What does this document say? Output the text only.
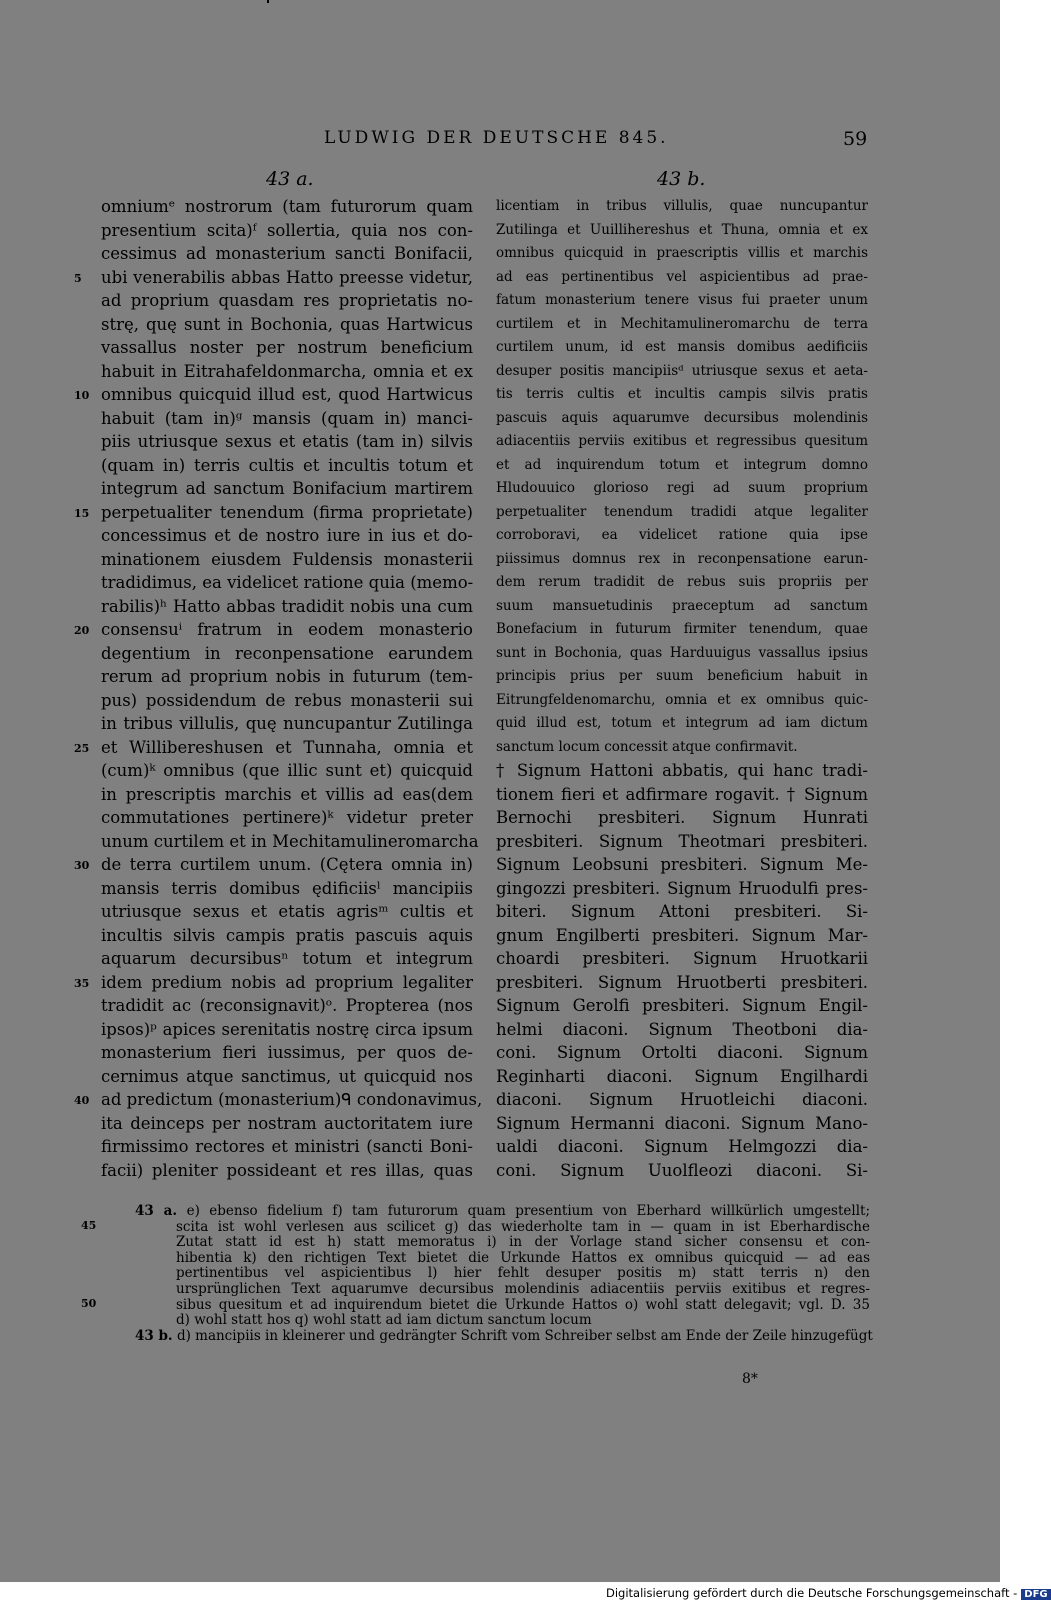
LUDWIG DER DEUTSCHE 845.	59
43 a.	43 b.
omniumᵉ nostrorum (tam futurorum quam
presentium scita)ᶠ sollertia, quia nos con-
cessimus ad monasterium sancti Bonifacii,
ubi venerabilis abbas Hatto preesse videtur,
ad proprium quasdam res proprietatis no-
strę, quę sunt in Bochonia, quas Hartwicus
vassallus noster per nostrum beneficium
habuit in Eitrahafeldonmarcha, omnia et ex
omnibus quicquid illud est, quod Hartwicus
habuit (tam in)ᵍ mansis (quam in) manci-
piis utriusque sexus et etatis (tam in) silvis
(quam in) terris cultis et incultis totum et
integrum ad sanctum Bonifacium martirem
perpetualiter tenendum (firma proprietate)
concessimus et de nostro iure in ius et do-
minationem eiusdem Fuldensis monasterii
tradidimus, ea videlicet ratione quia (memo-
rabilis)ʰ Hatto abbas tradidit nobis una cum
consensuⁱ fratrum in eodem monasterio
degentium in reconpensatione earundem
rerum ad proprium nobis in futurum (tem-
pus) possidendum de rebus monasterii sui
in tribus villulis, quę nuncupantur Zutilinga
et Willibereshusen et Tunnaha, omnia et
(cum)ᵏ omnibus (que illic sunt et) quicquid
in prescriptis marchis et villis ad eas(dem
commutationes pertinere)ᵏ videtur preter
unum curtilem et in Mechitamulineromarcha
de terra curtilem unum. (Cętera omnia in)
mansis terris domibus ędificiisˡ mancipiis
utriusque sexus et etatis agrisᵐ cultis et
incultis silvis campis pratis pascuis aquis
aquarum decursibusⁿ totum et integrum
idem predium nobis ad proprium legaliter
tradidit ac (reconsignavit)ᵒ. Propterea (nos
ipsos)ᵖ apices serenitatis nostrę circa ipsum
monasterium fieri iussimus, per quos de-
cernimus atque sanctimus, ut quicquid nos
ad predictum (monasterium)ᑫ condonavimus,
ita deinceps per nostram auctoritatem iure
firmissimo rectores et ministri (sancti Boni-
facii) pleniter possideant et res illas, quas
licentiam in tribus villulis, quae nuncupantur
Zutilinga et Uuillihereshus et Thuna, omnia et ex
omnibus quicquid in praescriptis villis et marchis
ad eas pertinentibus vel aspicientibus ad prae-
fatum monasterium tenere visus fui praeter unum
curtilem et in Mechitamulineromarchu de terra
curtilem unum, id est mansis domibus aedificiis
desuper positis mancipiisᵈ utriusque sexus et aeta-
tis terris cultis et incultis campis silvis pratis
pascuis aquis aquarumve decursibus molendinis
adiacentiis perviis exitibus et regressibus quesitum
et ad inquirendum totum et integrum domno
Hludouuico glorioso regi ad suum proprium
perpetualiter tenendum tradidi atque legaliter
corroboravi, ea videlicet ratione quia ipse
piissimus domnus rex in reconpensatione earun-
dem rerum tradidit de rebus suis propriis per
suum mansuetudinis praeceptum ad sanctum
Bonefacium in futurum firmiter tenendum, quae
sunt in Bochonia, quas Harduuigus vassallus ipsius
principis prius per suum beneficium habuit in
Eitrungfeldenomarchu, omnia et ex omnibus quic-
quid illud est, totum et integrum ad iam dictum
sanctum locum concessit atque confirmavit.
† Signum Hattoni abbatis, qui hanc tradi-
tionem fieri et adfirmare rogavit. † Signum
Bernochi presbiteri. Signum Hunrati
presbiteri. Signum Theotmari presbiteri.
Signum Leobsuni presbiteri. Signum Me-
gingozzi presbiteri. Signum Hruodulfi pres-
biteri. Signum Attoni presbiteri. Si-
gnum Engilberti presbiteri. Signum Mar-
choardi presbiteri. Signum Hruotkarii
presbiteri. Signum Hruotberti presbiteri.
Signum Gerolfi presbiteri. Signum Engil-
helmi diaconi. Signum Theotboni dia-
coni. Signum Ortolti diaconi. Signum
Reginharti diaconi. Signum Engilhardi
diaconi. Signum Hruotleichi diaconi.
Signum Hermanni diaconi. Signum Mano-
ualdi diaconi. Signum Helmgozzi dia-
coni. Signum Uuolfleozi diaconi. Si-
5
10
15
20
25
30
35
40
43 a. e) ebenso fidelium f) tam futurorum quam presentium von Eberhard willkürlich umgestellt;
scita ist wohl verlesen aus scilicet g) das wiederholte tam in — quam in ist Eberhardische
Zutat statt id est h) statt memoratus i) in der Vorlage stand sicher consensu et con-
hibentia k) den richtigen Text bietet die Urkunde Hattos ex omnibus quicquid — ad eas
pertinentibus vel aspicientibus l) hier fehlt desuper positis m) statt terris n) den
ursprünglichen Text aquarumve decursibus molendinis adiacentiis perviis exitibus et regres-
sibus quesitum et ad inquirendum bietet die Urkunde Hattos o) wohl statt delegavit; vgl. D. 35
d) wohl statt hos q) wohl statt ad iam dictum sanctum locum
43 b. d) mancipiis in kleinerer und gedrängter Schrift vom Schreiber selbst am Ende der Zeile hinzugefügt
45
50
8*
Digitalisierung gefördert durch die Deutsche Forschungsgemeinschaft - DFG
